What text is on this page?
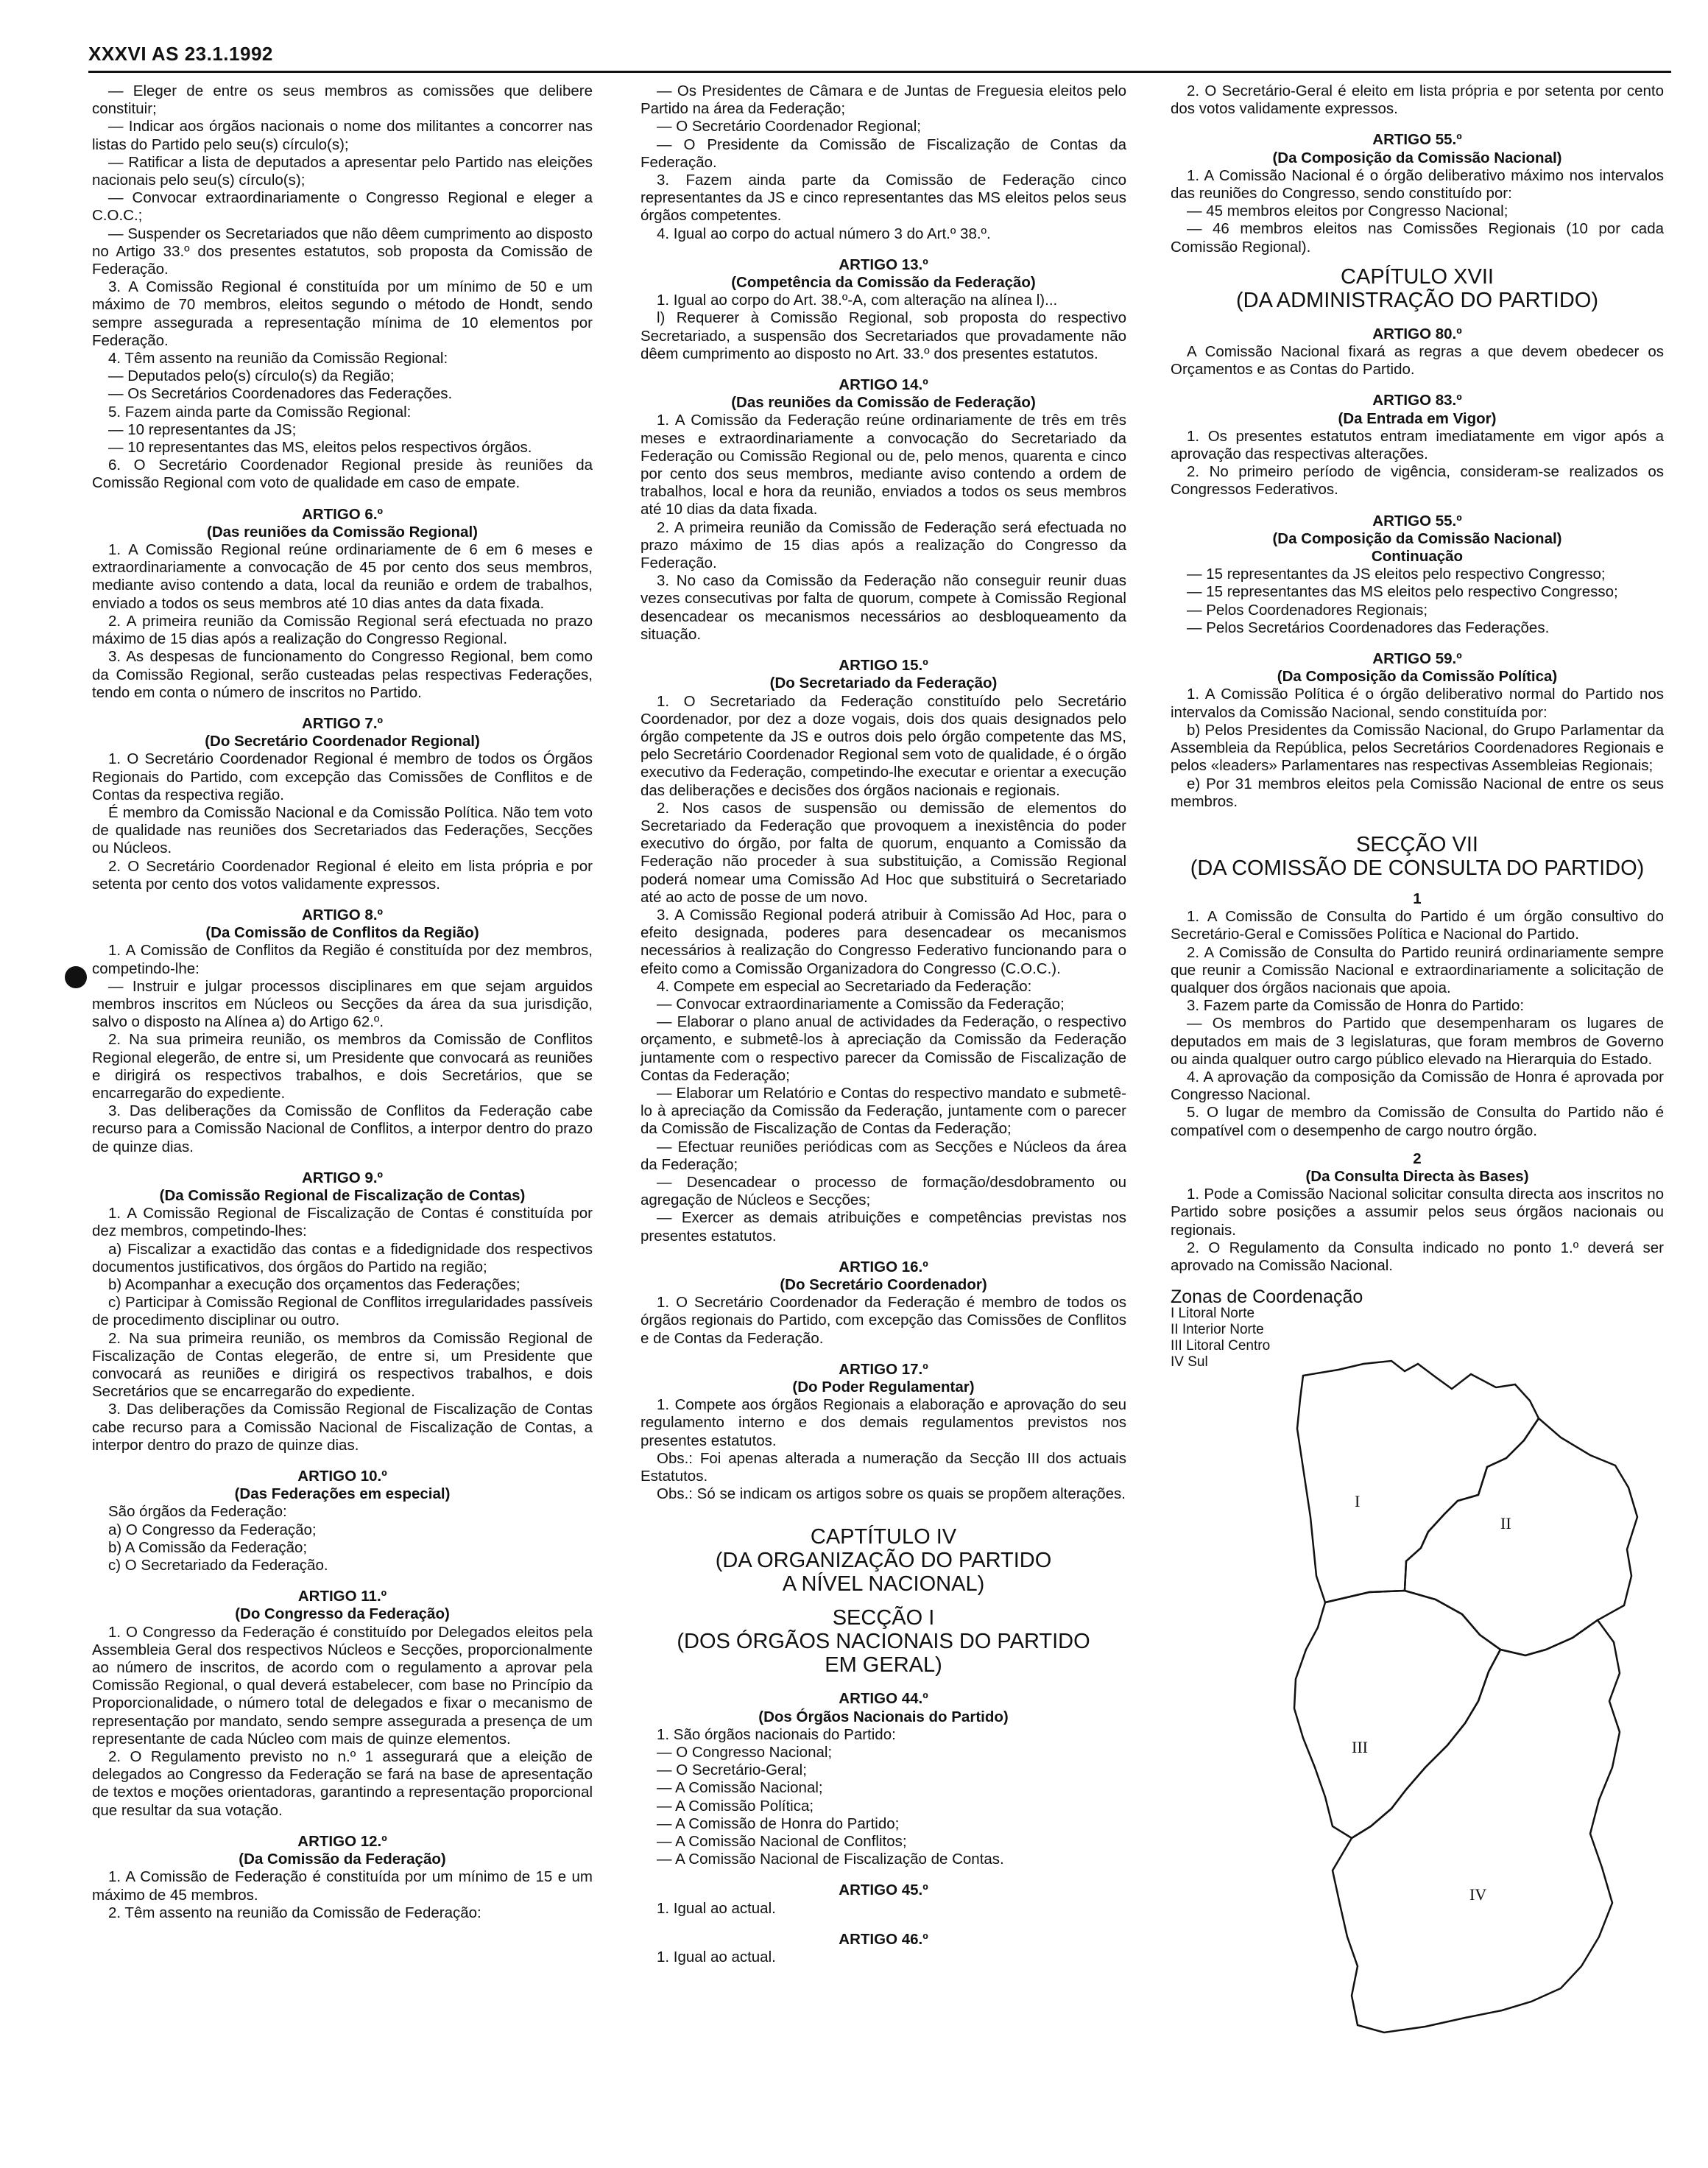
XXXVI AS 23.1.1992

— Eleger de entre os seus membros as comissões que delibere constituir;

— Indicar aos órgãos nacionais o nome dos militantes a concorrer nas listas do Partido pelo seu(s) círculo(s);

— Ratificar a lista de deputados a apresentar pelo Partido nas eleições nacionais pelo seu(s) círculo(s);

— Convocar extraordinariamente o Congresso Regional e eleger a C.O.C.;

— Suspender os Secretariados que não dêem cumprimento ao disposto no Artigo 33.º dos presentes estatutos, sob proposta da Comissão de Federação.

3. A Comissão Regional é constituída por um mínimo de 50 e um máximo de 70 membros, eleitos segundo o método de Hondt, sendo sempre assegurada a representação mínima de 10 elementos por Federação.

4. Têm assento na reunião da Comissão Regional:

— Deputados pelo(s) círculo(s) da Região;

— Os Secretários Coordenadores das Federações.

5. Fazem ainda parte da Comissão Regional:

— 10 representantes da JS;

— 10 representantes das MS, eleitos pelos respectivos órgãos.

6. O Secretário Coordenador Regional preside às reuniões da Comissão Regional com voto de qualidade em caso de empate.

ARTIGO 6.º

(Das reuniões da Comissão Regional)

1. A Comissão Regional reúne ordinariamente de 6 em 6 meses e extraordinariamente a convocação de 45 por cento dos seus membros, mediante aviso contendo a data, local da reunião e ordem de trabalhos, enviado a todos os seus membros até 10 dias antes da data fixada.

2. A primeira reunião da Comissão Regional será efectuada no prazo máximo de 15 dias após a realização do Congresso Regional.

3. As despesas de funcionamento do Congresso Regional, bem como da Comissão Regional, serão custeadas pelas respectivas Federações, tendo em conta o número de inscritos no Partido.

ARTIGO 7.º

(Do Secretário Coordenador Regional)

1. O Secretário Coordenador Regional é membro de todos os Órgãos Regionais do Partido, com excepção das Comissões de Conflitos e de Contas da respectiva região.

É membro da Comissão Nacional e da Comissão Política. Não tem voto de qualidade nas reuniões dos Secretariados das Federações, Secções ou Núcleos.

2. O Secretário Coordenador Regional é eleito em lista própria e por setenta por cento dos votos validamente expressos.

ARTIGO 8.º

(Da Comissão de Conflitos da Região)

1. A Comissão de Conflitos da Região é constituída por dez membros, competindo-lhe:

— Instruir e julgar processos disciplinares em que sejam arguidos membros inscritos em Núcleos ou Secções da área da sua jurisdição, salvo o disposto na Alínea a) do Artigo 62.º.

2. Na sua primeira reunião, os membros da Comissão de Conflitos Regional elegerão, de entre si, um Presidente que convocará as reuniões e dirigirá os respectivos trabalhos, e dois Secretários, que se encarregarão do expediente.

3. Das deliberações da Comissão de Conflitos da Federação cabe recurso para a Comissão Nacional de Conflitos, a interpor dentro do prazo de quinze dias.

ARTIGO 9.º

(Da Comissão Regional de Fiscalização de Contas)

1. A Comissão Regional de Fiscalização de Contas é constituída por dez membros, competindo-lhes:

a) Fiscalizar a exactidão das contas e a fidedignidade dos respectivos documentos justificativos, dos órgãos do Partido na região;

b) Acompanhar a execução dos orçamentos das Federações;

c) Participar à Comissão Regional de Conflitos irregularidades passíveis de procedimento disciplinar ou outro.

2. Na sua primeira reunião, os membros da Comissão Regional de Fiscalização de Contas elegerão, de entre si, um Presidente que convocará as reuniões e dirigirá os respectivos trabalhos, e dois Secretários que se encarregarão do expediente.

3. Das deliberações da Comissão Regional de Fiscalização de Contas cabe recurso para a Comissão Nacional de Fiscalização de Contas, a interpor dentro do prazo de quinze dias.

ARTIGO 10.º

(Das Federações em especial)

São órgãos da Federação:

a) O Congresso da Federação;

b) A Comissão da Federação;

c) O Secretariado da Federação.

ARTIGO 11.º

(Do Congresso da Federação)

1. O Congresso da Federação é constituído por Delegados eleitos pela Assembleia Geral dos respectivos Núcleos e Secções, proporcionalmente ao número de inscritos, de acordo com o regulamento a aprovar pela Comissão Regional, o qual deverá estabelecer, com base no Princípio da Proporcionalidade, o número total de delegados e fixar o mecanismo de representação por mandato, sendo sempre assegurada a presença de um representante de cada Núcleo com mais de quinze elementos.

2. O Regulamento previsto no n.º 1 assegurará que a eleição de delegados ao Congresso da Federação se fará na base de apresentação de textos e moções orientadoras, garantindo a representação proporcional que resultar da sua votação.

ARTIGO 12.º

(Da Comissão da Federação)

1. A Comissão de Federação é constituída por um mínimo de 15 e um máximo de 45 membros.

2. Têm assento na reunião da Comissão de Federação:

— Os Presidentes de Câmara e de Juntas de Freguesia eleitos pelo Partido na área da Federação;

— O Secretário Coordenador Regional;

— O Presidente da Comissão de Fiscalização de Contas da Federação.

3. Fazem ainda parte da Comissão de Federação cinco representantes da JS e cinco representantes das MS eleitos pelos seus órgãos competentes.

4. Igual ao corpo do actual número 3 do Art.º 38.º.

ARTIGO 13.º

(Competência da Comissão da Federação)

1. Igual ao corpo do Art. 38.º-A, com alteração na alínea l)...

l) Requerer à Comissão Regional, sob proposta do respectivo Secretariado, a suspensão dos Secretariados que provadamente não dêem cumprimento ao disposto no Art. 33.º dos presentes estatutos.

ARTIGO 14.º

(Das reuniões da Comissão de Federação)

1. A Comissão da Federação reúne ordinariamente de três em três meses e extraordinariamente a convocação do Secretariado da Federação ou Comissão Regional ou de, pelo menos, quarenta e cinco por cento dos seus membros, mediante aviso contendo a ordem de trabalhos, local e hora da reunião, enviados a todos os seus membros até 10 dias da data fixada.

2. A primeira reunião da Comissão de Federação será efectuada no prazo máximo de 15 dias após a realização do Congresso da Federação.

3. No caso da Comissão da Federação não conseguir reunir duas vezes consecutivas por falta de quorum, compete à Comissão Regional desencadear os mecanismos necessários ao desbloqueamento da situação.

ARTIGO 15.º

(Do Secretariado da Federação)

1. O Secretariado da Federação constituído pelo Secretário Coordenador, por dez a doze vogais, dois dos quais designados pelo órgão competente da JS e outros dois pelo órgão competente das MS, pelo Secretário Coordenador Regional sem voto de qualidade, é o órgão executivo da Federação, competindo-lhe executar e orientar a execução das deliberações e decisões dos órgãos nacionais e regionais.

2. Nos casos de suspensão ou demissão de elementos do Secretariado da Federação que provoquem a inexistência do poder executivo do órgão, por falta de quorum, enquanto a Comissão da Federação não proceder à sua substituição, a Comissão Regional poderá nomear uma Comissão Ad Hoc que substituirá o Secretariado até ao acto de posse de um novo.

3. A Comissão Regional poderá atribuir à Comissão Ad Hoc, para o efeito designada, poderes para desencadear os mecanismos necessários à realização do Congresso Federativo funcionando para o efeito como a Comissão Organizadora do Congresso (C.O.C.).

4. Compete em especial ao Secretariado da Federação:

— Convocar extraordinariamente a Comissão da Federação;

— Elaborar o plano anual de actividades da Federação, o respectivo orçamento, e submetê-los à apreciação da Comissão da Federação juntamente com o respectivo parecer da Comissão de Fiscalização de Contas da Federação;

— Elaborar um Relatório e Contas do respectivo mandato e submetê-lo à apreciação da Comissão da Federação, juntamente com o parecer da Comissão de Fiscalização de Contas da Federação;

— Efectuar reuniões periódicas com as Secções e Núcleos da área da Federação;

— Desencadear o processo de formação/desdobramento ou agregação de Núcleos e Secções;

— Exercer as demais atribuições e competências previstas nos presentes estatutos.

ARTIGO 16.º

(Do Secretário Coordenador)

1. O Secretário Coordenador da Federação é membro de todos os órgãos regionais do Partido, com excepção das Comissões de Conflitos e de Contas da Federação.

ARTIGO 17.º

(Do Poder Regulamentar)

1. Compete aos órgãos Regionais a elaboração e aprovação do seu regulamento interno e dos demais regulamentos previstos nos presentes estatutos.

Obs.: Foi apenas alterada a numeração da Secção III dos actuais Estatutos.

Obs.: Só se indicam os artigos sobre os quais se propõem alterações.

CAPTÍTULO IV
(DA ORGANIZAÇÃO DO PARTIDO
A NÍVEL NACIONAL)
SECÇÃO I
(DOS ÓRGÃOS NACIONAIS DO PARTIDO
EM GERAL)

ARTIGO 44.º

(Dos Órgãos Nacionais do Partido)

1. São órgãos nacionais do Partido:

— O Congresso Nacional;

— O Secretário-Geral;

— A Comissão Nacional;

— A Comissão Política;

— A Comissão de Honra do Partido;

— A Comissão Nacional de Conflitos;

— A Comissão Nacional de Fiscalização de Contas.

ARTIGO 45.º

1. Igual ao actual.

ARTIGO 46.º

1. Igual ao actual.

2. O Secretário-Geral é eleito em lista própria e por setenta por cento dos votos validamente expressos.

ARTIGO 55.º

(Da Composição da Comissão Nacional)

1. A Comissão Nacional é o órgão deliberativo máximo nos intervalos das reuniões do Congresso, sendo constituído por:

— 45 membros eleitos por Congresso Nacional;

— 46 membros eleitos nas Comissões Regionais (10 por cada Comissão Regional).

CAPÍTULO XVII
(DA ADMINISTRAÇÃO DO PARTIDO)

ARTIGO 80.º

A Comissão Nacional fixará as regras a que devem obedecer os Orçamentos e as Contas do Partido.

ARTIGO 83.º

(Da Entrada em Vigor)

1. Os presentes estatutos entram imediatamente em vigor após a aprovação das respectivas alterações.

2. No primeiro período de vigência, consideram-se realizados os Congressos Federativos.

ARTIGO 55.º

(Da Composição da Comissão Nacional)

Continuação

— 15 representantes da JS eleitos pelo respectivo Congresso;

— 15 representantes das MS eleitos pelo respectivo Congresso;

— Pelos Coordenadores Regionais;

— Pelos Secretários Coordenadores das Federações.

ARTIGO 59.º

(Da Composição da Comissão Política)

1. A Comissão Política é o órgão deliberativo normal do Partido nos intervalos da Comissão Nacional, sendo constituída por:

b) Pelos Presidentes da Comissão Nacional, do Grupo Parlamentar da Assembleia da República, pelos Secretários Coordenadores Regionais e pelos «leaders» Parlamentares nas respectivas Assembleias Regionais;

e) Por 31 membros eleitos pela Comissão Nacional de entre os seus membros.

SECÇÃO VII
(DA COMISSÃO DE CONSULTA DO PARTIDO)

1

1. A Comissão de Consulta do Partido é um órgão consultivo do Secretário-Geral e Comissões Política e Nacional do Partido.

2. A Comissão de Consulta do Partido reunirá ordinariamente sempre que reunir a Comissão Nacional e extraordinariamente a solicitação de qualquer dos órgãos nacionais que apoia.

3. Fazem parte da Comissão de Honra do Partido:

— Os membros do Partido que desempenharam os lugares de deputados em mais de 3 legislaturas, que foram membros de Governo ou ainda qualquer outro cargo público elevado na Hierarquia do Estado.

4. A aprovação da composição da Comissão de Honra é aprovada por Congresso Nacional.

5. O lugar de membro da Comissão de Consulta do Partido não é compatível com o desempenho de cargo noutro órgão.

2

(Da Consulta Directa às Bases)

1. Pode a Comissão Nacional solicitar consulta directa aos inscritos no Partido sobre posições a assumir pelos seus órgãos nacionais ou regionais.

2. O Regulamento da Consulta indicado no ponto 1.º deverá ser aprovado na Comissão Nacional.

Zonas de Coordenação

I Litoral Norte
II Interior Norte
III Litoral Centro
IV Sul
I
II
III
IV
